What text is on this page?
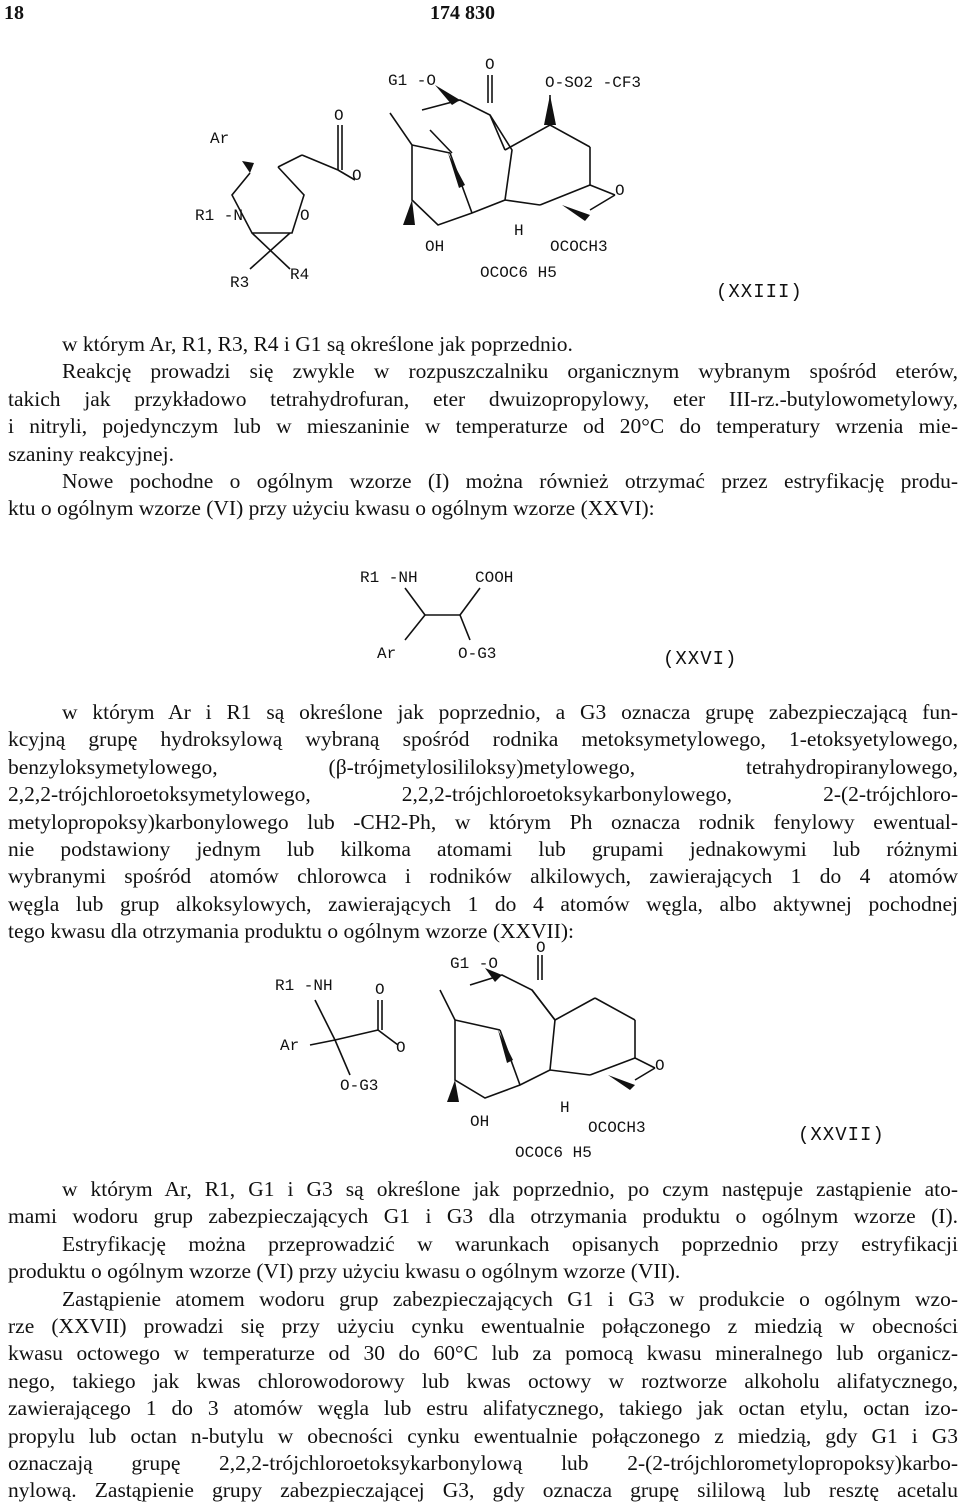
18	174 830
Ar
R1 -N	O
R3	R4
O
O
G1 -O
O
O-SO2 -CF3
O
OH
H
OCOCH3
OCOC6 H5
(XXIII)
w którym Ar, R1, R3, R4 i G1 są określone jak poprzednio.
Reakcję prowadzi się zwykle w rozpuszczalniku organicznym wybranym spośród eterów,
takich jak przykładowo tetrahydrofuran, eter dwuizopropylowy, eter III-rz.-butylowometylowy,
i nitryli, pojedynczym lub w mieszaninie w temperaturze od 20°C do temperatury wrzenia mie-
szaniny reakcyjnej.
Nowe pochodne o ogólnym wzorze (I) można również otrzymać przez estryfikację produ-
ktu o ogólnym wzorze (VI) przy użyciu kwasu o ogólnym wzorze (XXVI):
R1 -NH	COOH
Ar	O-G3	(XXVI)
w którym Ar i R1 są określone jak poprzednio, a G3 oznacza grupę zabezpieczającą fun-
kcyjną grupę hydroksylową wybraną spośród rodnika metoksymetylowego, 1-etoksyetylowego,
benzyloksymetylowego, (β-trójmetylosililoksy)metylowego, tetrahydropiranylowego,
2,2,2-trójchloroetoksymetylowego, 2,2,2-trójchloroetoksykarbonylowego, 2-(2-trójchloro-
metylopropoksy)karbonylowego lub -CH2-Ph, w którym Ph oznacza rodnik fenylowy ewentual-
nie podstawiony jednym lub kilkoma atomami lub grupami jednakowymi lub różnymi
wybranymi spośród atomów chlorowca i rodników alkilowych, zawierających 1 do 4 atomów
węgla lub grup alkoksylowych, zawierających 1 do 4 atomów węgla, albo aktywnej pochodnej
tego kwasu dla otrzymania produktu o ogólnym wzorze (XXVII):
R1 -NH	O
Ar
O-G3
O
G1 -O
O
O
OH
H
OCOCH3
OCOC6 H5
(XXVII)
w którym Ar, R1, G1 i G3 są określone jak poprzednio, po czym następuje zastąpienie ato-
mami wodoru grup zabezpieczających G1 i G3 dla otrzymania produktu o ogólnym wzorze (I).
Estryfikację można przeprowadzić w warunkach opisanych poprzednio przy estryfikacji
produktu o ogólnym wzorze (VI) przy użyciu kwasu o ogólnym wzorze (VII).
Zastąpienie atomem wodoru grup zabezpieczających G1 i G3 w produkcie o ogólnym wzo-
rze (XXVII) prowadzi się przy użyciu cynku ewentualnie połączonego z miedzią w obecności
kwasu octowego w temperaturze od 30 do 60°C lub za pomocą kwasu mineralnego lub organicz-
nego, takiego jak kwas chlorowodorowy lub kwas octowy w roztworze alkoholu alifatycznego,
zawierającego 1 do 3 atomów węgla lub estru alifatycznego, takiego jak octan etylu, octan izo-
propylu lub octan n-butylu w obecności cynku ewentualnie połączonego z miedzią, gdy G1 i G3
oznaczają grupę 2,2,2-trójchloroetoksykarbonylową lub 2-(2-trójchlorometylopropoksy)karbo-
nylową. Zastąpienie grupy zabezpieczającej G3, gdy oznacza grupę sililową lub resztę acetalu
